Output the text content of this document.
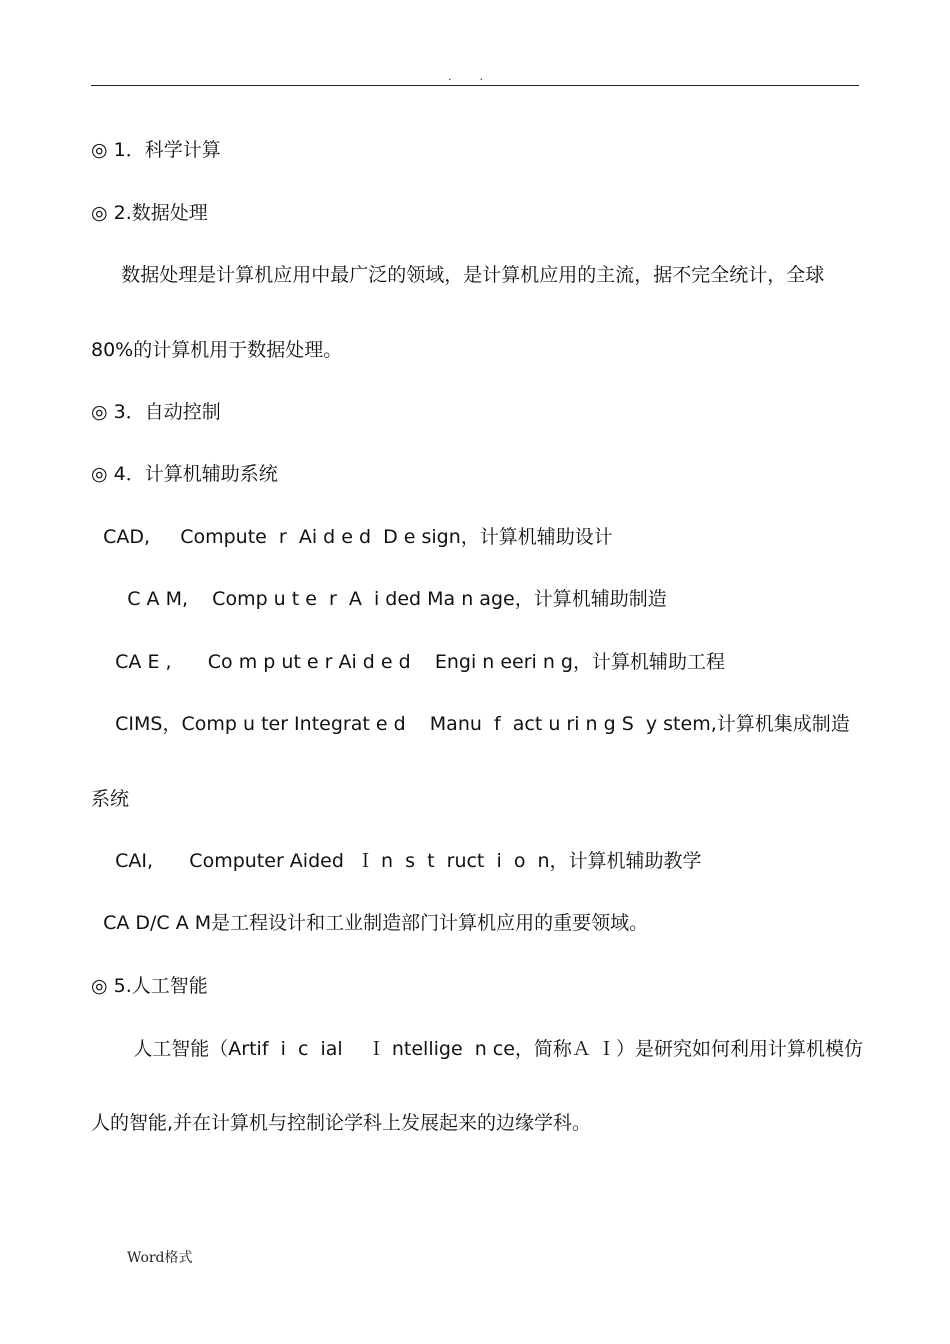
.        .
◎ 1．科学计算
◎ 2.数据处理
数据处理是计算机应用中最广泛的领域，是计算机应用的主流，据不完全统计，全球
80%的计算机用于数据处理。
◎ 3．自动控制
◎ 4．计算机辅助系统
CAD,     Compute  r  Ai d e d  D e sign，计算机辅助设计
C A M,    Comp u t e  r  A  i ded Ma n age，计算机辅助制造
CA E ,      Co m p ut e r Ai d e d    Engi n eeri n g，计算机辅助工程
CIMS，Comp u ter Integrat e d    Manu  f  act u ri n g S  y stem,计算机集成制造
系统
CAI,      Computer Aided  Ｉ n  s  t  ruct  i  o  n，计算机辅助教学
CA D/C A M是工程设计和工业制造部门计算机应用的重要领域。
◎ 5.人工智能
人工智能（Artif  i  c  ial    Ｉ ntellige  n ce，简称Ａ Ｉ）是研究如何利用计算机模仿
人的智能,并在计算机与控制论学科上发展起来的边缘学科。
Word格式
